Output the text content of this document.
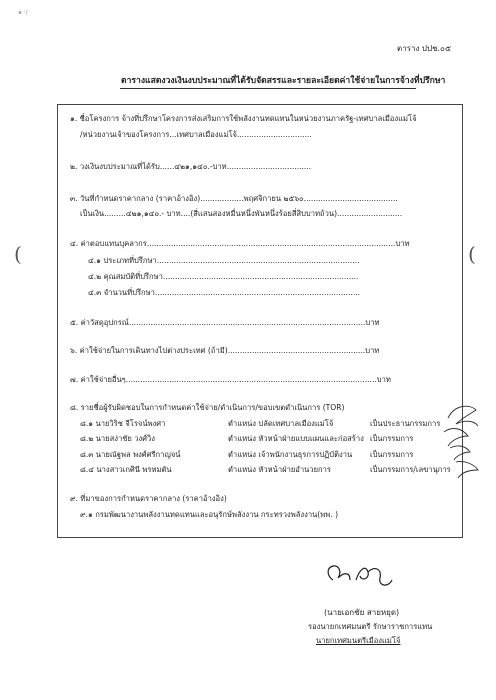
๑ ·/
(	(
ตาราง ปปช.๐๕
ตารางแสดงวงเงินงบประมาณที่ได้รับจัดสรรและรายละเอียดค่าใช้จ่ายในการจ้างที่ปรึกษา
๑. ชื่อโครงการ จ้างที่ปรึกษาโครงการส่งเสริมการใช้พลังงานทดแทนในหน่วยงานภาครัฐ-เทศบาลเมืองแม่โจ้
/หน่วยงานเจ้าของโครงการ...เทศบาลเมืองแม่โจ้...............................
๒. วงเงินงบประมาณที่ได้รับ......๔๒๑,๑๔๐.-บาท...................................
๓. วันที่กำหนดราคากลาง (ราคาอ้างอิง)..................พฤศจิกายน ๒๕๖๐.......................................
เป็นเงิน.........๔๒๑,๑๔๐.- บาท....(สี่แสนสองหมื่นหนึ่งพันหนึ่งร้อยสี่สิบบาทถ้วน)...........................
๔. ค่าตอบแทนบุคลากร.......................................................................................................บาท
๔.๑ ประเภทที่ปรึกษา....................................................................................
๔.๒ คุณสมบัติที่ปรึกษา.................................................................................
๔.๓ จำนวนที่ปรึกษา.....................................................................................
๕. ค่าวัสดุอุปกรณ์..................................................................................................บาท
๖. ค่าใช้จ่ายในการเดินทางไปต่างประเทศ (ถ้ามี).........................................................บาท
๗. ค่าใช้จ่ายอื่นๆ........................................................................................................บาท
๘. รายชื่อผู้รับผิดชอบในการกำหนดค่าใช้จ่าย/ดำเนินการ/ขอบเขตดำเนินการ (TOR)
๘.๑ นายวิริช จีโรจน์พงศา	ตำแหน่ง ปลัดเทศบาลเมืองแม่โจ้	เป็นประธานกรรมการ
๘.๒ นายสง่าชัย วงศ์วิง	ตำแหน่ง หัวหน้าฝ่ายแบบแผนและก่อสร้าง เป็นกรรมการ
๘.๓ นายณัฐพล พงศ์ศรีกาญจน์	ตำแหน่ง เจ้าพนักงานธุรการปฏิบัติงาน เป็นกรรมการ
๘.๔ นางสาวเกศินี พรหมตัน	ตำแหน่ง หัวหน้าฝ่ายอำนวยการ	เป็นกรรมการ/เลขานุการ
๙. ที่มาของการกำหนดราคากลาง (ราคาอ้างอิง)
๙.๑ กรมพัฒนางานพลังงานทดแทนและอนุรักษ์พลังงาน กระทรวงพลังงาน(พพ. )
(นายเอกชัย สายหยุด)
รองนายกเทศมนตรี รักษาราชการแทน
นายกเทศมนตรีเมืองแม่โจ้
